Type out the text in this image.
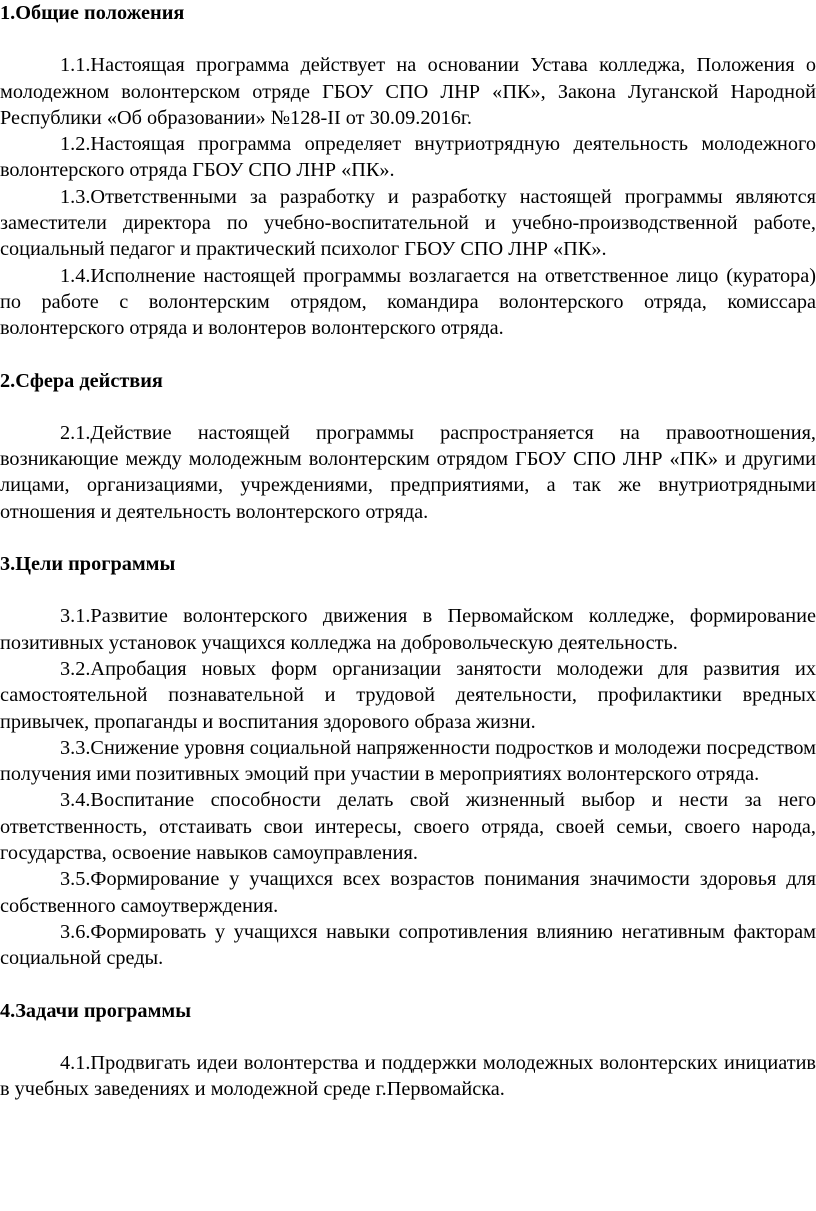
1.Общие положения

1.1.Настоящая программа действует на основании Устава колледжа, Положения о молодежном волонтерском отряде ГБОУ СПО ЛНР «ПК», Закона Луганской Народной Республики «Об образовании» №128-II от 30.09.2016г.

1.2.Настоящая программа определяет внутриотрядную деятельность молодежного волонтерского отряда ГБОУ СПО ЛНР «ПК».

1.3.Ответственными за разработку и разработку настоящей программы являются заместители директора по учебно-воспитательной и учебно-производственной работе, социальный педагог и практический психолог ГБОУ СПО ЛНР «ПК».

1.4.Исполнение настоящей программы возлагается на ответственное лицо (куратора) по работе с волонтерским отрядом, командира волонтерского отряда, комиссара волонтерского отряда и волонтеров волонтерского отряда.

2.Сфера действия

2.1.Действие настоящей программы распространяется на правоотношения, возникающие между молодежным волонтерским отрядом ГБОУ СПО ЛНР «ПК» и другими лицами, организациями, учреждениями, предприятиями, а так же внутриотрядными отношения и деятельность волонтерского отряда.

3.Цели программы

3.1.Развитие волонтерского движения в Первомайском колледже, формирование позитивных установок учащихся колледжа на добровольческую деятельность.

3.2.Апробация новых форм организации занятости молодежи для развития их самостоятельной познавательной и трудовой деятельности, профилактики вредных привычек, пропаганды и воспитания здорового образа жизни.

3.3.Снижение уровня социальной напряженности подростков и молодежи посредством получения ими позитивных эмоций при участии в мероприятиях волонтерского отряда.

3.4.Воспитание способности делать свой жизненный выбор и нести за него ответственность, отстаивать свои интересы, своего отряда, своей семьи, своего народа, государства, освоение навыков самоуправления.

3.5.Формирование у учащихся всех возрастов понимания значимости здоровья для собственного самоутверждения.

3.6.Формировать у учащихся навыки сопротивления влиянию негативным факторам социальной среды.

4.Задачи программы

4.1.Продвигать идеи волонтерства и поддержки молодежных волонтерских инициатив в учебных заведениях и молодежной среде г.Первомайска.
